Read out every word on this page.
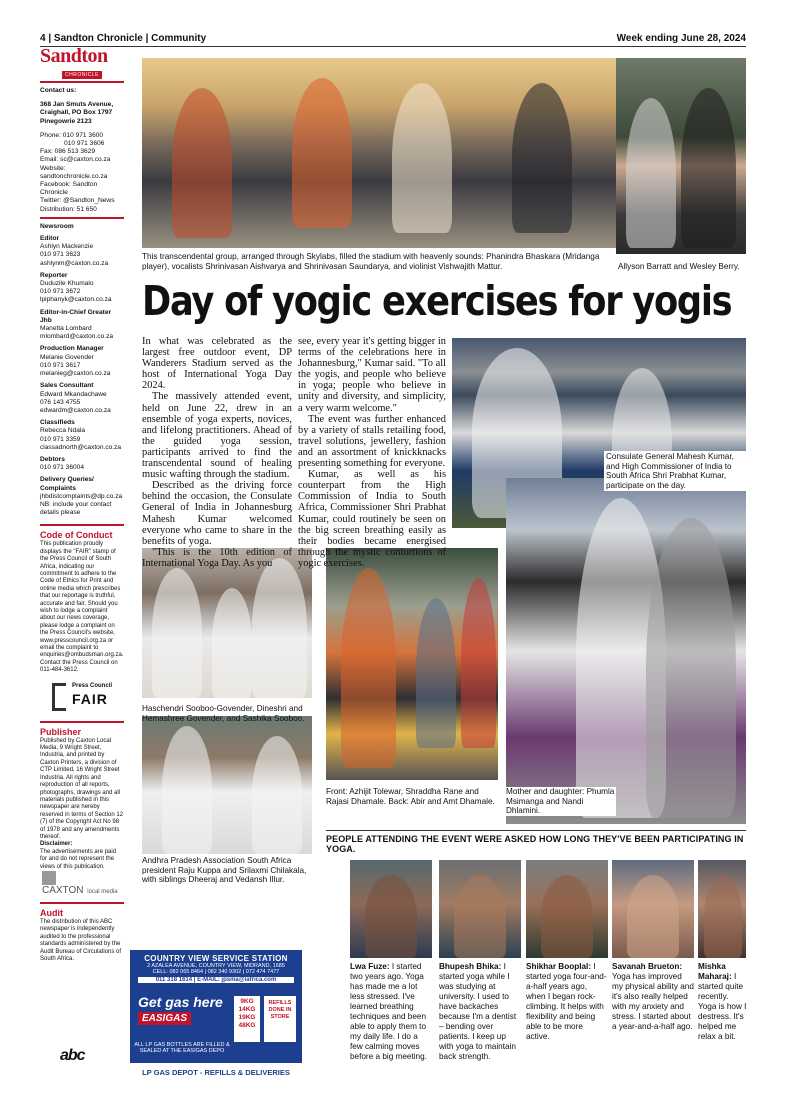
4 | Sandton Chronicle | Community	Week ending June 28, 2024
Sandton
CHRONICLE

Contact us:

368 Jan Smuts Avenue,

Craighall, PO Box 1797

Pinegowrie 2123

Phone: 010 971 3600

010 971 3606

Fax: 086 513 3629

Email: sc@caxton.co.za

Website: sandtonchronicle.co.za

Facebook: Sandton Chronicle

Twitter: @Sandton_News

Distribution: 51 650

Newsroom

Editor

Ashlyn Mackenzie

010 971 3623

ashlynm@caxton.co.za

Reporter

Duduzile Khumalo

010 971 3672

lpiphanyk@caxton.co.za

Editor-in-Chief Greater Jhb

Manetta Lombard

mlombard@caxton.co.za

Production Manager

Melanie Govender

010 971 3617

melanieg@caxton.co.za

Sales Consultant

Edward Mkandachawe

076 143 4755

edwardm@caxton.co.za

Classifieds

Rebecca Ndala

010 971 3359

classadnorth@caxton.co.za

Debtors

010 971 36004

Delivery Queries/ Complaints

jhbdistcomplaints@dp.co.za

NB: include your contact details please

Code of Conduct

This publication proudly displays the "FAIR" stamp of the Press Council of South Africa, indicating our commitment to adhere to the Code of Ethics for Print and online media which prescribes that our reportage is truthful, accurate and fair. Should you wish to lodge a complaint about our news coverage, please lodge a complaint on the Press Council's website, www.presscouncil.org.za or email the complaint to enquiries@ombudsman.org.za. Contact the Press Council on 011-484-3612.

Press Council
FAIR

Publisher

Published by Caxton Local Media, 9 Wright Street, Industria, and printed by Caxton Printers, a division of CTP Limited, 16 Wright Street Industria. All rights and reproduction of all reports, photographs, drawings and all materials published in this newspaper are hereby reserved in terms of Section 12 (7) of the Copyright Act No 98 of 1978 and any amendments thereof.

Disclaimer:

The advertisements are paid for and do not represent the views of this publication.

CAXTON local media

Audit

The distribution of this ABC newspaper is independently audited to the professional standards administered by the Audit Bureau of Circulations of South Africa.

abc
This transcendental group, arranged through Skylabs, filled the stadium with heavenly sounds: Phanindra Bhaskara (Mridanga player), vocalists Shrinivasan Aishvarya and Shrinivasan Saundarya, and violinist Vishwajith Mattur.	Allyson Barratt and Wesley Berry.
Consulate General Mahesh Kumar, and High Commissioner of India to South Africa Shri Prabhat Kumar, participate on the day.
Haschendri Sooboo-Govender, Dineshri and Hemashree Govender, and Sashika Sooboo.
Front: Azhijit Tolewar, Shraddha Rane and Rajasi Dhamale. Back: Abir and Amt Dhamale.
Mother and daughter: Phumla Msimanga and Nandi Dhlamini.
Andhra Pradesh Association South Africa president Raju Kuppa and Srilaxmi Chilakala, with siblings Dheeraj and Vedansh Illur.
Day of yogic exercises for yogis

In what was celebrated as the largest free outdoor event, DP Wanderers Stadium served as the host of International Yoga Day 2024.

The massively attended event, held on June 22, drew in an ensemble of yoga experts, novices, and lifelong practitioners. Ahead of the guided yoga session, participants arrived to find the transcendental sound of healing music wafting through the stadium.

Described as the driving force behind the occasion, the Consulate General of India in Johannesburg Mahesh Kumar welcomed everyone who came to share in the benefits of yoga.

"This is the 10th edition of International Yoga Day. As you

see, every year it's getting bigger in terms of the celebrations here in Johannesburg," Kumar said. "To all the yogis, and people who believe in yoga; people who believe in unity and diversity, and simplicity, a very warm welcome."

The event was further enhanced by a variety of stalls retailing food, travel solutions, jewellery, fashion and an assortment of knickknacks presenting something for everyone.

Kumar, as well as his counterpart from the High Commission of India to South Africa, Commissioner Shri Prabhat Kumar, could routinely be seen on the big screen breathing easily as their bodies became energised through the mystic contortions of yogic exercises.

PEOPLE ATTENDING THE EVENT WERE ASKED HOW LONG THEY'VE BEEN PARTICIPATING IN YOGA.
Lwa Fuze: I started two years ago. Yoga has made me a lot less stressed. I've learned breathing techniques and been able to apply them to my daily life. I do a few calming moves before a big meeting.
Bhupesh Bhika: I started yoga while I was studying at university. I used to have backaches because I'm a dentist – bending over patients. I keep up with yoga to maintain back strength.
Shikhar Booplal: I started yoga four-and-a-half years ago, when I began rock-climbing. It helps with flexibility and being able to be more active.
Savanah Brueton: Yoga has improved my physical ability and it's also really helped with my anxiety and stress. I started about a year-and-a-half ago.
Mishka Maharaj: I started quite recently. Yoga is how I destress. It's helped me relax a bit.
COUNTRY VIEW SERVICE STATION
2 AZALEA AVENUE, COUNTRY VIEW, MIDRAND, 1685
CELL: 082 065 8464 | 082 340 9302 | 072 474 7477
011 318 1614 | E-MAIL: jpsma@iafrica.com
Get gas here
EASIGAS
9KG
14KG
19KG
48KG
REFILLS DONE IN STORE
ALL LP GAS BOTTLES ARE FILLED & SEALED AT THE EASIGAS DEPO
LP GAS DEPOT - REFILLS & DELIVERIES
